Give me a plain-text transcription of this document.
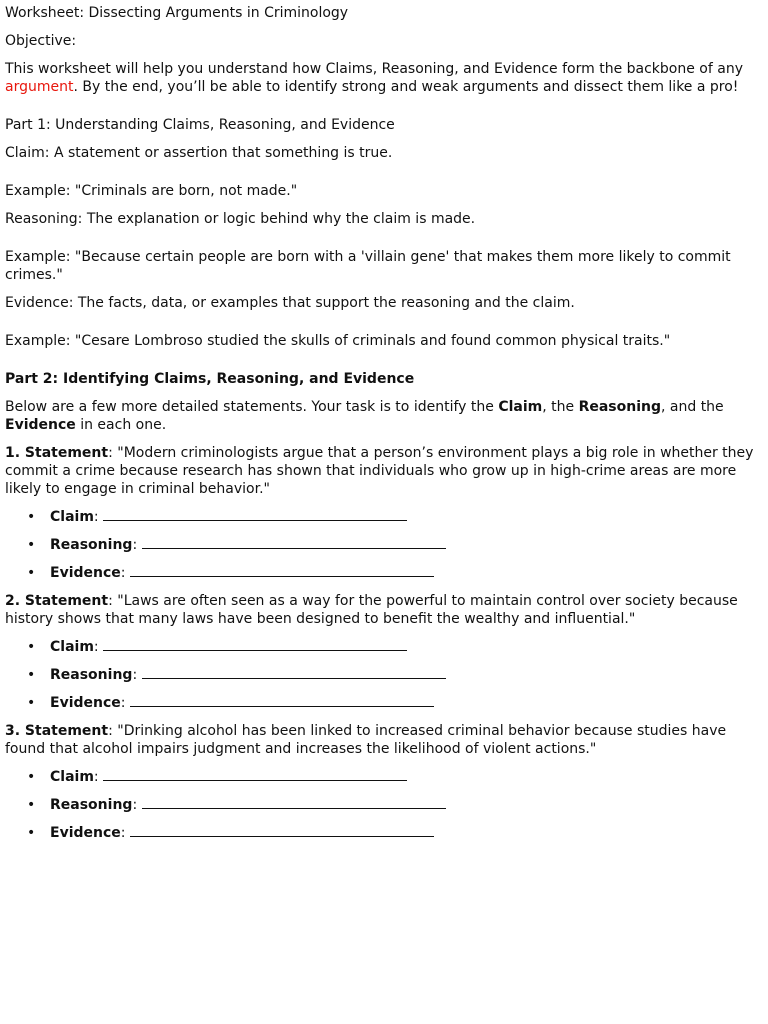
Worksheet: Dissecting Arguments in Criminology

Objective:

This worksheet will help you understand how Claims, Reasoning, and Evidence form the backbone of any argument. By the end, you’ll be able to identify strong and weak arguments and dissect them like a pro!

Part 1: Understanding Claims, Reasoning, and Evidence

Claim: A statement or assertion that something is true.

Example: "Criminals are born, not made."

Reasoning: The explanation or logic behind why the claim is made.

Example: "Because certain people are born with a 'villain gene' that makes them more likely to commit crimes."

Evidence: The facts, data, or examples that support the reasoning and the claim.

Example: "Cesare Lombroso studied the skulls of criminals and found common physical traits."

Part 2: Identifying Claims, Reasoning, and Evidence

Below are a few more detailed statements. Your task is to identify the Claim, the Reasoning, and the Evidence in each one.

1. Statement: "Modern criminologists argue that a person’s environment plays a big role in whether they commit a crime because research has shown that individuals who grow up in high-crime areas are more likely to engage in criminal behavior."

• Claim:
• Reasoning:
• Evidence:

2. Statement: "Laws are often seen as a way for the powerful to maintain control over society because history shows that many laws have been designed to benefit the wealthy and influential."

• Claim:
• Reasoning:
• Evidence:

3. Statement: "Drinking alcohol has been linked to increased criminal behavior because studies have found that alcohol impairs judgment and increases the likelihood of violent actions."

• Claim:
• Reasoning:
• Evidence:
